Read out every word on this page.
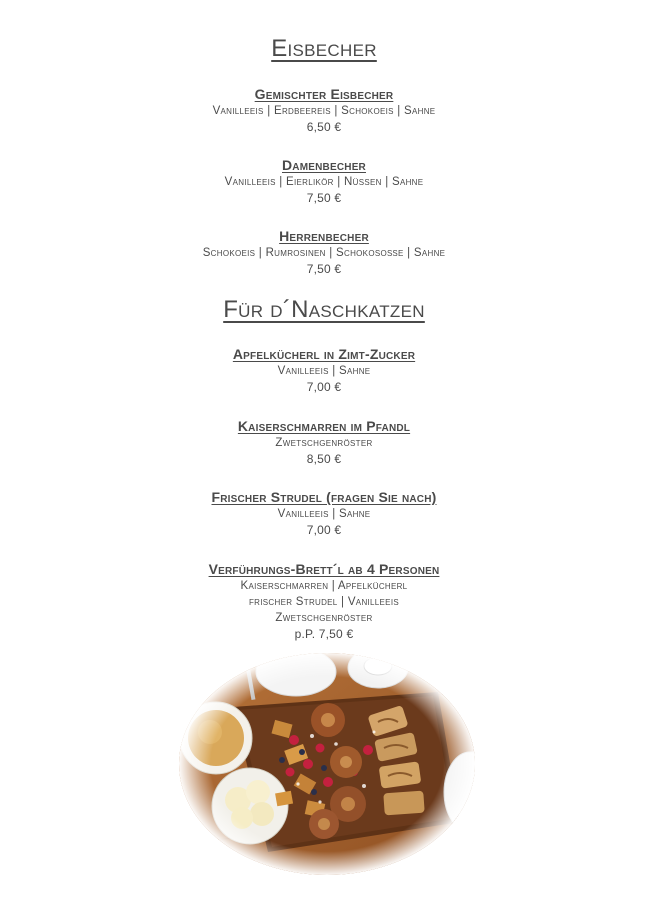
Eisbecher
Gemischter Eisbecher
Vanilleeis | Erdbeereis | Schokoeis | Sahne
6,50 €
Damenbecher
Vanilleeis | Eierlikör | Nüssen | Sahne
7,50 €
Herrenbecher
Schokoeis | Rumrosinen | Schokosoße | Sahne
7,50 €
Für d´Naschkatzen
Apfelkücherl in Zimt-Zucker
Vanilleeis | Sahne
7,00 €
Kaiserschmarren im Pfandl
Zwetschgenröster
8,50 €
Frischer Strudel (fragen Sie nach)
Vanilleeis | Sahne
7,00 €
Verführungs-Brett´l ab 4 Personen
Kaiserschmarren | Apfelkücherl
frischer Strudel | Vanilleeis
Zwetschgenröster
p.P. 7,50 €
